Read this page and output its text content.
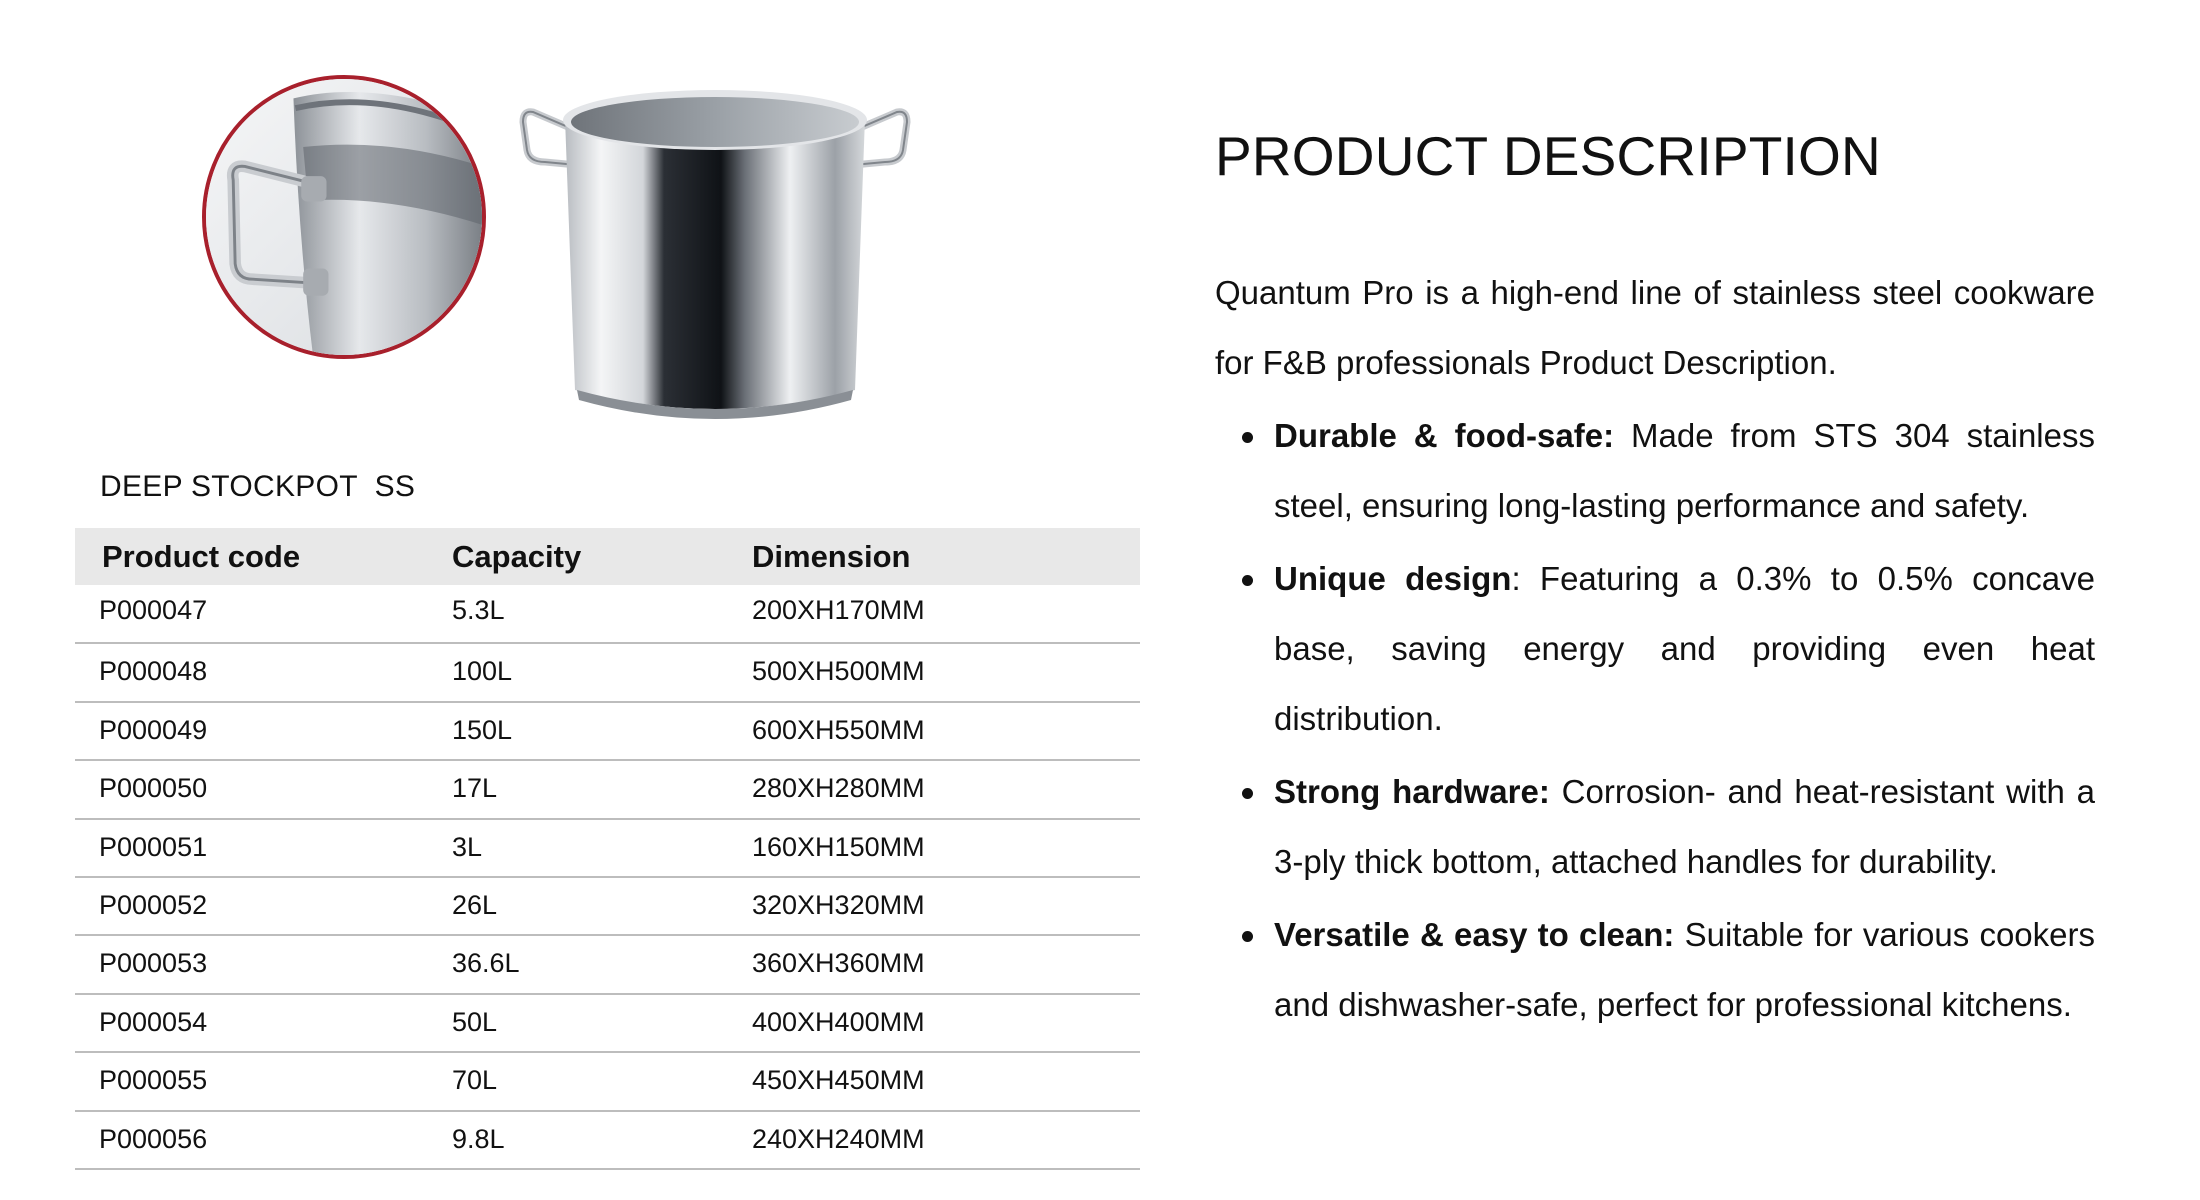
DEEP STOCKPOT  SS
Product code	Capacity	Dimension
P000047	5.3L	200XH170MM
P000048	100L	500XH500MM
P000049	150L	600XH550MM
P000050	17L	280XH280MM
P000051	3L	160XH150MM
P000052	26L	320XH320MM
P000053	36.6L	360XH360MM
P000054	50L	400XH400MM
P000055	70L	450XH450MM
P000056	9.8L	240XH240MM
PRODUCT DESCRIPTION

Quantum Pro is a high-end line of stainless steel cookware for F&B professionals Product Description.

Durable & food-safe: Made from STS 304 stainless steel, ensuring long-lasting performance and safety.
Unique design: Featuring a 0.3% to 0.5% concave base, saving energy and providing even heat distribution.
Strong hardware: Corrosion- and heat-resistant with a 3-ply thick bottom, attached handles for durability.
Versatile & easy to clean: Suitable for various cookers and dishwasher-safe, perfect for professional kitchens.
